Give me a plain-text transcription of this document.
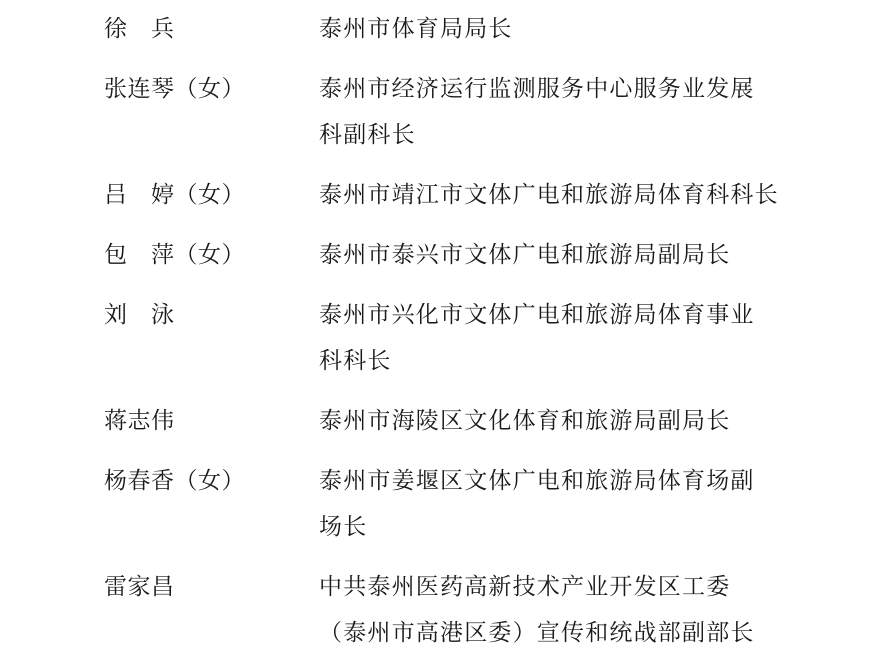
徐　兵	泰州市体育局局长
张连琴（女）	泰州市经济运行监测服务中心服务业发展
科副科长
吕　婷（女）	泰州市靖江市文体广电和旅游局体育科科长
包　萍（女）	泰州市泰兴市文体广电和旅游局副局长
刘　泳	泰州市兴化市文体广电和旅游局体育事业
科科长
蒋志伟	泰州市海陵区文化体育和旅游局副局长
杨春香（女）	泰州市姜堰区文体广电和旅游局体育场副
场长
雷家昌	中共泰州医药高新技术产业开发区工委
（泰州市高港区委）宣传和统战部副部长
